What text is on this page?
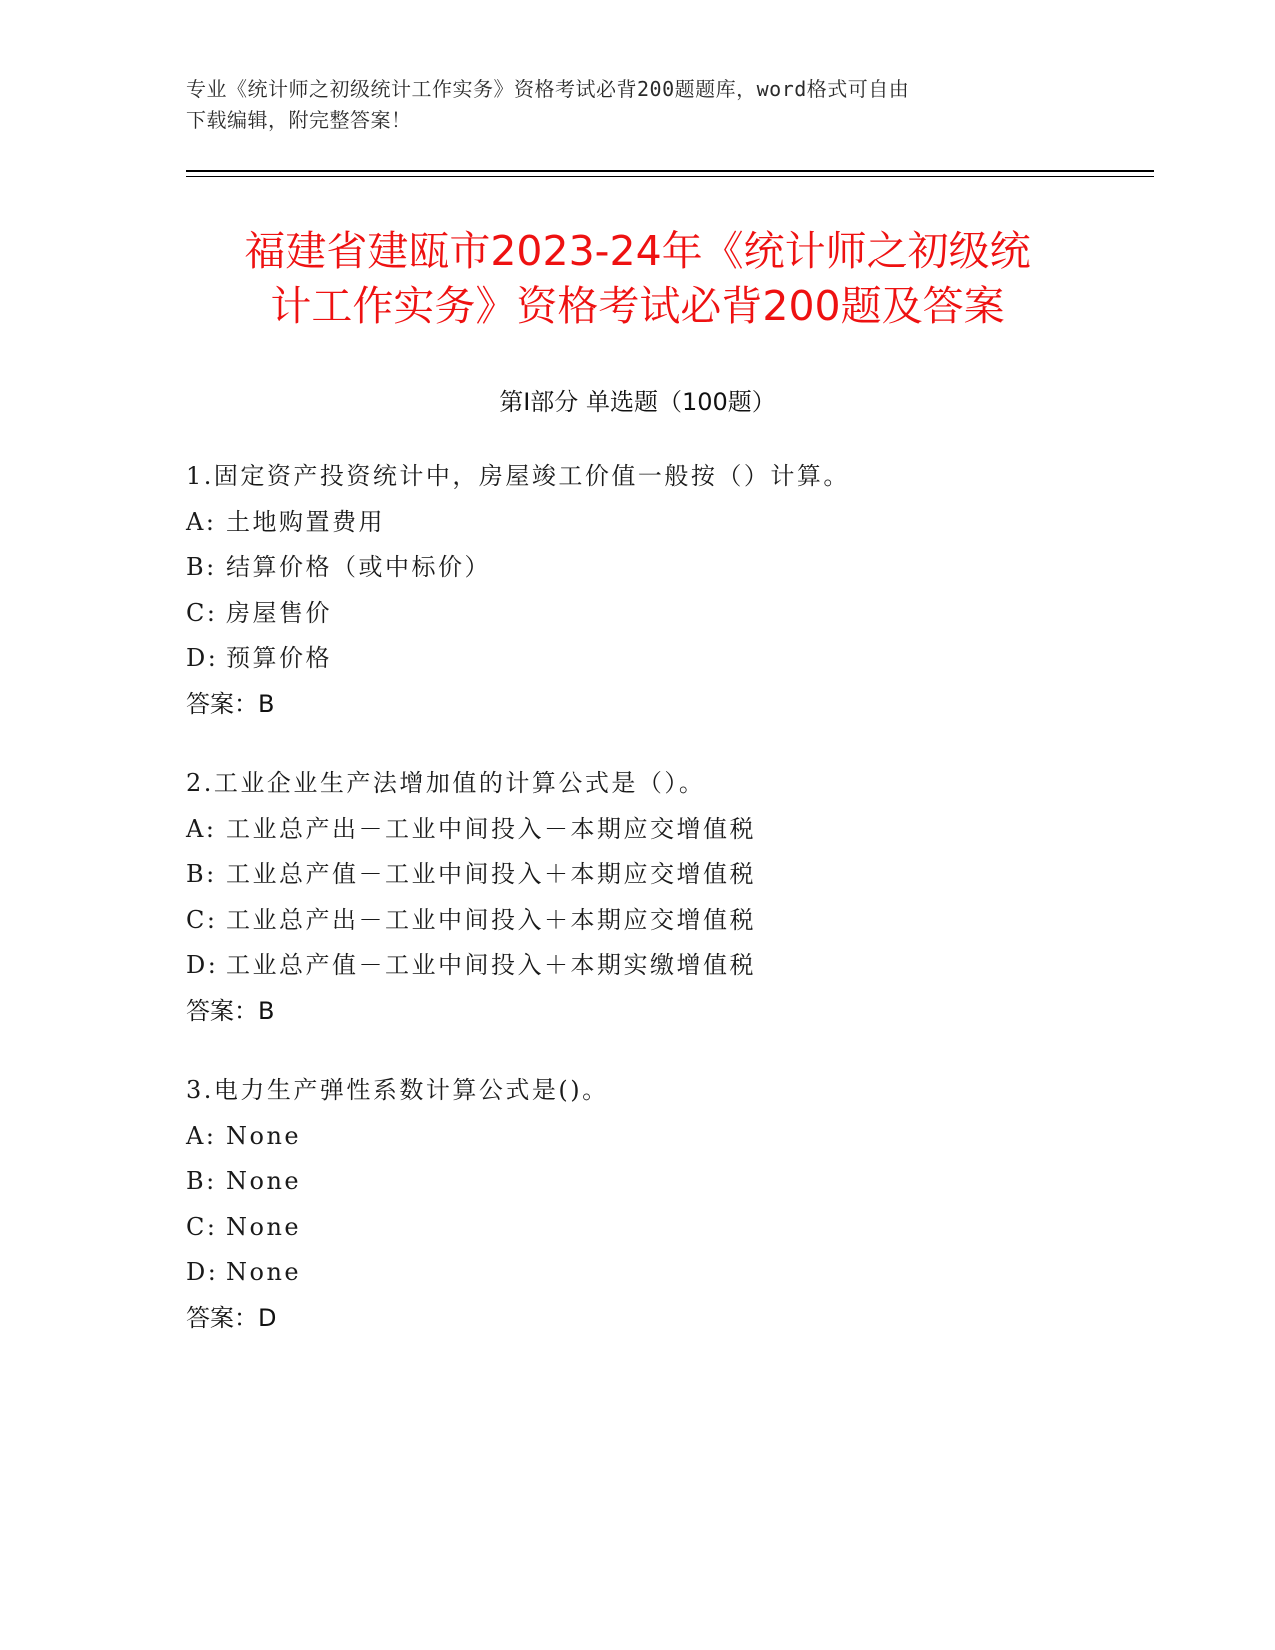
专业《统计师之初级统计工作实务》资格考试必背200题题库，word格式可自由
下载编辑，附完整答案！
福建省建瓯市2023-24年《统计师之初级统
计工作实务》资格考试必背200题及答案
第Ⅰ部分 单选题（100题）
1.固定资产投资统计中，房屋竣工价值一般按（）计算。
A: 土地购置费用
B: 结算价格（或中标价）
C: 房屋售价
D: 预算价格
答案：B
2.工业企业生产法增加值的计算公式是（）。
A: 工业总产出－工业中间投入－本期应交增值税
B: 工业总产值－工业中间投入＋本期应交增值税
C: 工业总产出－工业中间投入＋本期应交增值税
D: 工业总产值－工业中间投入＋本期实缴增值税
答案：B
3.电力生产弹性系数计算公式是()。
A: None
B: None
C: None
D: None
答案：D
